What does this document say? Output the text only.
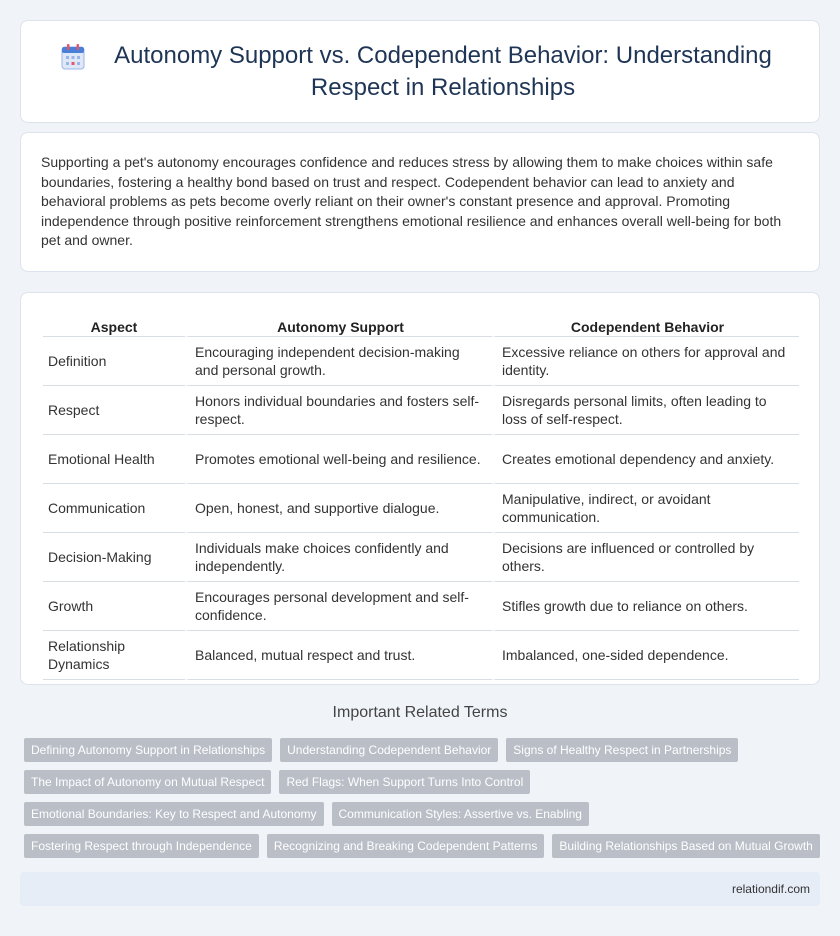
Autonomy Support vs. Codependent Behavior: Understanding Respect in Relationships

Supporting a pet's autonomy encourages confidence and reduces stress by allowing them to make choices within safe boundaries, fostering a healthy bond based on trust and respect. Codependent behavior can lead to anxiety and behavioral problems as pets become overly reliant on their owner's constant presence and approval. Promoting independence through positive reinforcement strengthens emotional resilience and enhances overall well-being for both pet and owner.

Aspect	Autonomy Support	Codependent Behavior
Definition	Encouraging independent decision-making and personal growth.	Excessive reliance on others for approval and identity.
Respect	Honors individual boundaries and fosters self-respect.	Disregards personal limits, often leading to loss of self-respect.
Emotional Health	Promotes emotional well-being and resilience.	Creates emotional dependency and anxiety.
Communication	Open, honest, and supportive dialogue.	Manipulative, indirect, or avoidant communication.
Decision-Making	Individuals make choices confidently and independently.	Decisions are influenced or controlled by others.
Growth	Encourages personal development and self-confidence.	Stifles growth due to reliance on others.
Relationship Dynamics	Balanced, mutual respect and trust.	Imbalanced, one-sided dependence.
Important Related Terms
Defining Autonomy Support in Relationships	Understanding Codependent Behavior	Signs of Healthy Respect in Partnerships
The Impact of Autonomy on Mutual Respect	Red Flags: When Support Turns Into Control
Emotional Boundaries: Key to Respect and Autonomy	Communication Styles: Assertive vs. Enabling
Fostering Respect through Independence	Recognizing and Breaking Codependent Patterns	Building Relationships Based on Mutual Growth
relationdif.com
